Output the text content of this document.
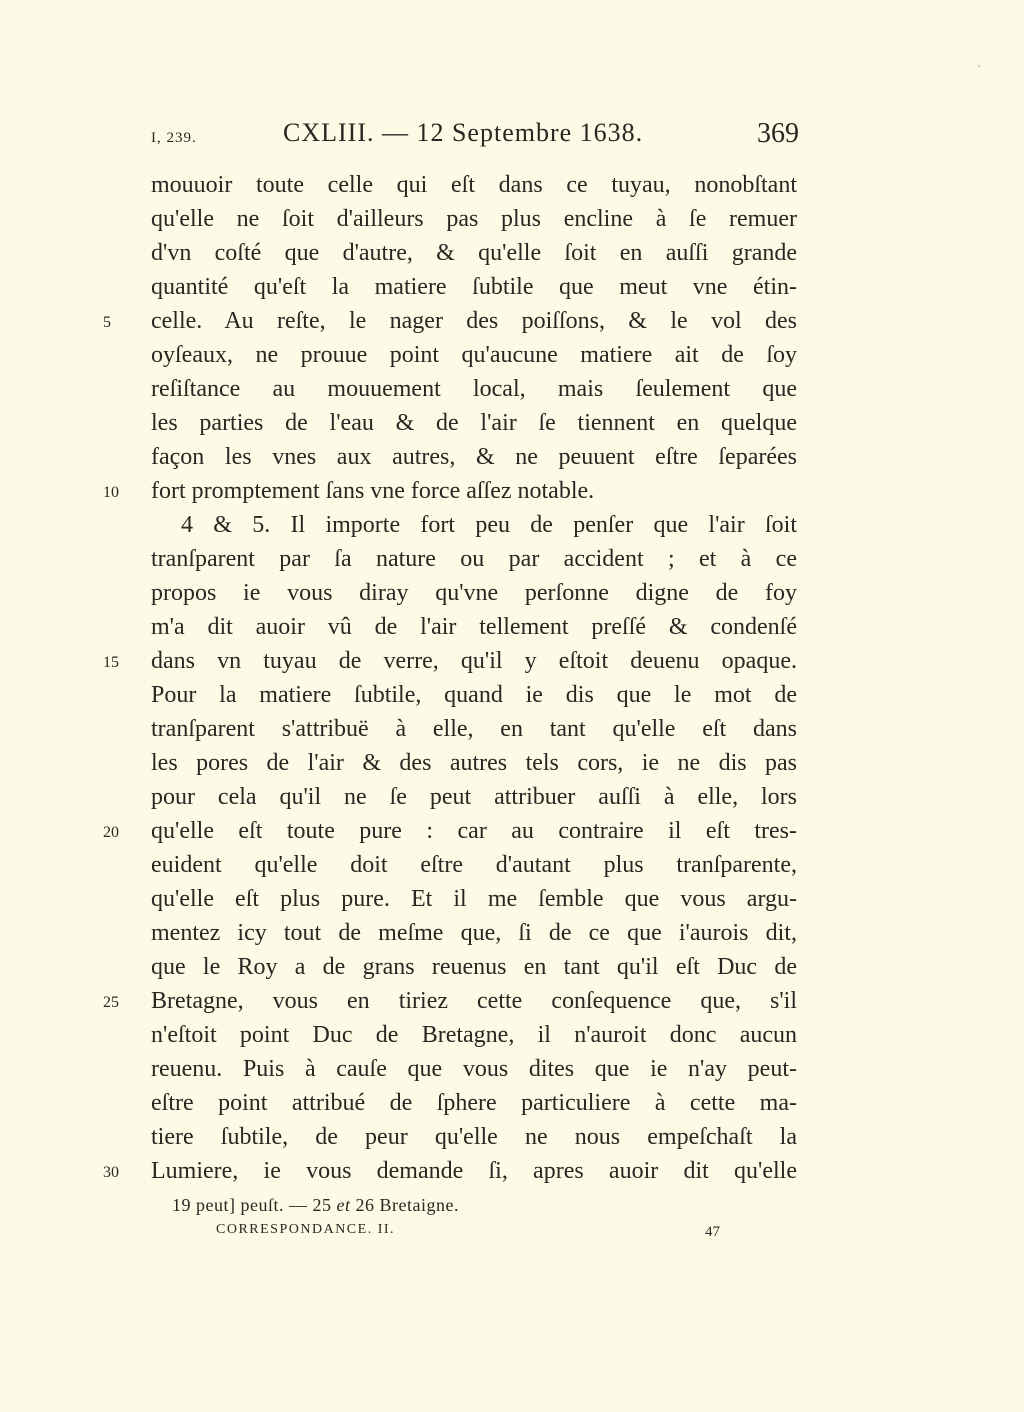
I, 239.	CXLIII. — 12 Septembre 1638.	369
mouuoir toute celle qui eſt dans ce tuyau, nonobſtant
qu'elle ne ſoit d'ailleurs pas plus encline à ſe remuer
d'vn coſté que d'autre, & qu'elle ſoit en auſſi grande
quantité qu'eſt la matiere ſubtile que meut vne étin-
5	celle. Au reſte, le nager des poiſſons, & le vol des
oyſeaux, ne prouue point qu'aucune matiere ait de ſoy
reſiſtance au mouuement local, mais ſeulement que
les parties de l'eau & de l'air ſe tiennent en quelque
façon les vnes aux autres, & ne peuuent eſtre ſeparées
10	fort promptement ſans vne force aſſez notable.
4 & 5. Il importe fort peu de penſer que l'air ſoit
tranſparent par ſa nature ou par accident ; et à ce
propos ie vous diray qu'vne perſonne digne de foy
m'a dit auoir vû de l'air tellement preſſé & condenſé
15	dans vn tuyau de verre, qu'il y eſtoit deuenu opaque.
Pour la matiere ſubtile, quand ie dis que le mot de
tranſparent s'attribuë à elle, en tant qu'elle eſt dans
les pores de l'air & des autres tels cors, ie ne dis pas
pour cela qu'il ne ſe peut attribuer auſſi à elle, lors
20	qu'elle eſt toute pure : car au contraire il eſt tres-
euident qu'elle doit eſtre d'autant plus tranſparente,
qu'elle eſt plus pure. Et il me ſemble que vous argu-
mentez icy tout de meſme que, ſi de ce que i'aurois dit,
que le Roy a de grans reuenus en tant qu'il eſt Duc de
25	Bretagne, vous en tiriez cette conſequence que, s'il
n'eſtoit point Duc de Bretagne, il n'auroit donc aucun
reuenu. Puis à cauſe que vous dites que ie n'ay peut-
eſtre point attribué de ſphere particuliere à cette ma-
tiere ſubtile, de peur qu'elle ne nous empeſchaſt la
30	Lumiere, ie vous demande ſi, apres auoir dit qu'elle
19 peut] peuſt. — 25 et 26 Bretaigne.
CORRESPONDANCE. II.	47
